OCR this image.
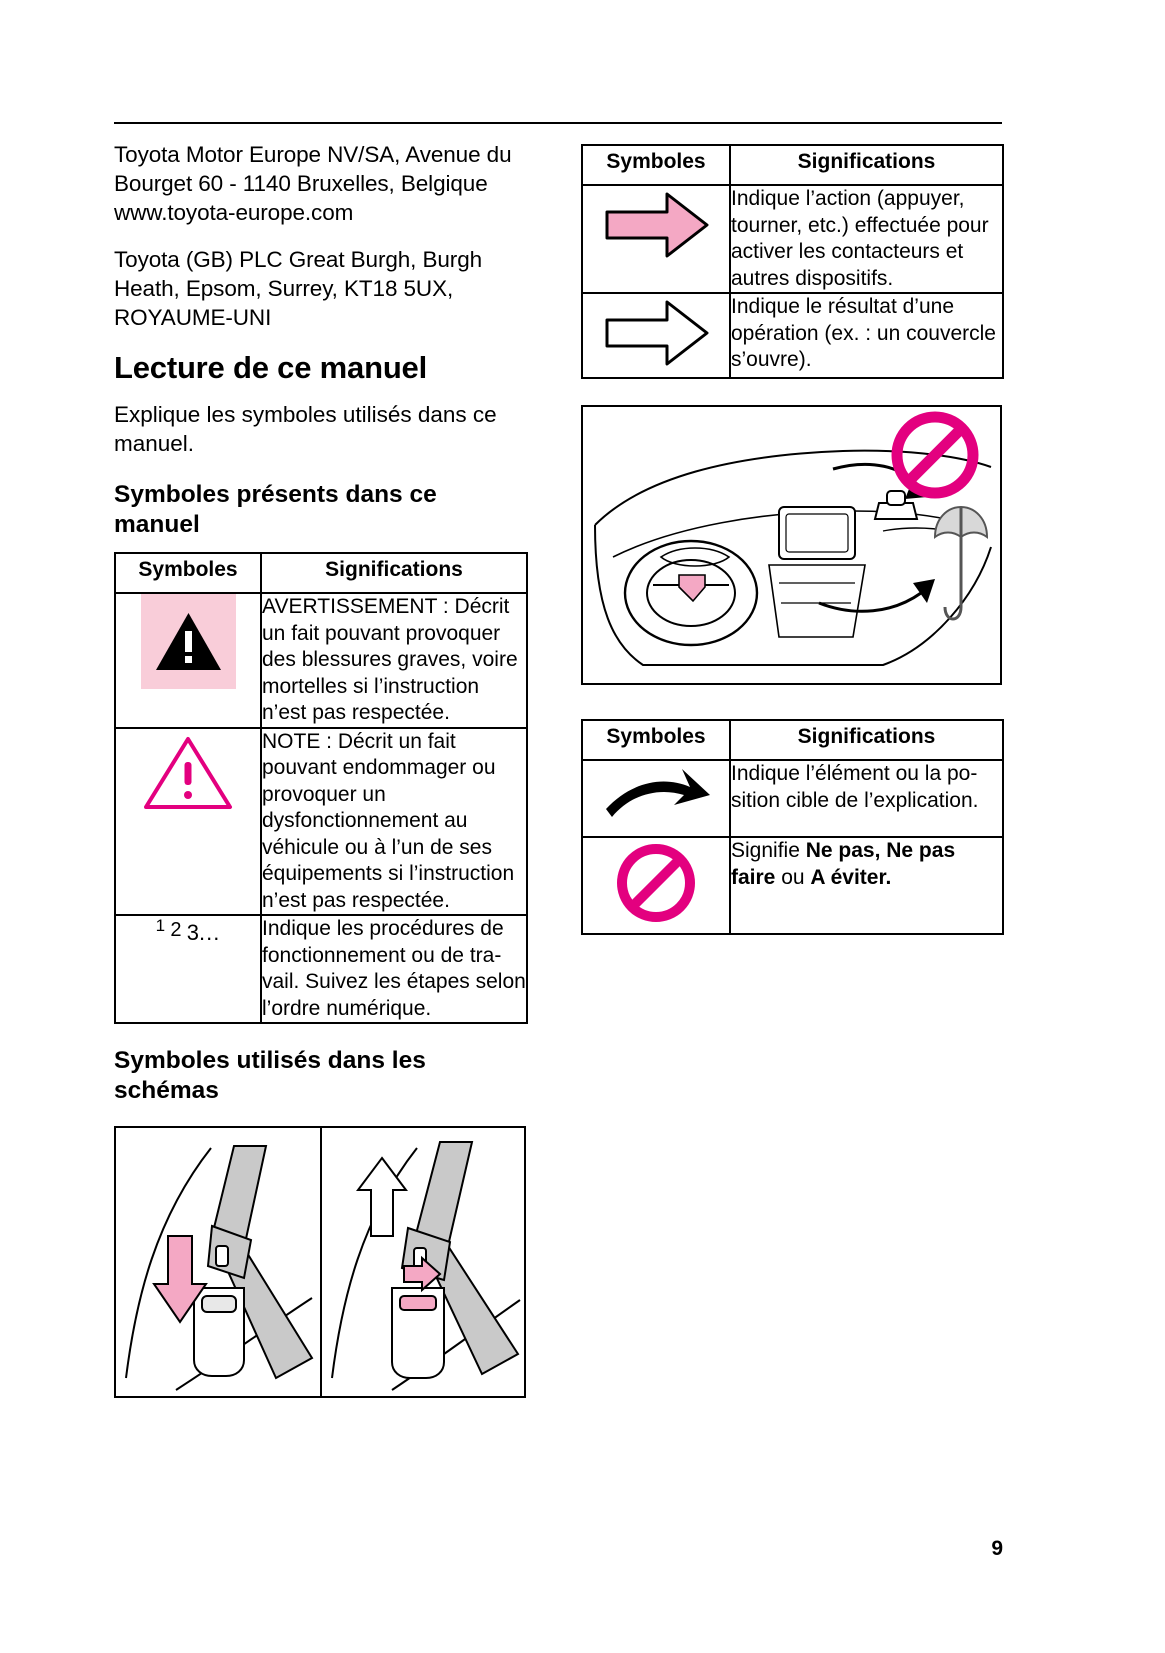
Toyota Motor Europe NV/SA, Avenue du Bourget 60 - 1140 Bruxelles, Belgique www.toyota-europe.com

Toyota (GB) PLC Great Burgh, Burgh Heath, Epsom, Surrey, KT18 5UX, ROYAUME-UNI

Lecture de ce manuel

Explique les symboles utilisés dans ce manuel.

Symboles présents dans ce manuel
Symboles	Significations
	AVERTISSEMENT : Décrit un fait pouvant provoquer des blessures graves, voire mortelles si l’instruction n’est pas respectée.
	NOTE : Décrit un fait pouvant endommager ou provoquer un dysfonctionnement au véhicule ou à l’un de ses équipements si l’instruction n’est pas respectée.
1 2 3...	Indique les procédures de fonctionnement ou de travail. Suivez les étapes selon l’ordre numérique.
Symboles utilisés dans les schémas
Symboles	Significations
	Indique l’action (appuyer, tourner, etc.) effectuée pour activer les contacteurs et autres dispositifs.
	Indique le résultat d’une opération (ex. : un couvercle s’ouvre).
Symboles	Significations
	Indique l’élément ou la position cible de l’explication.
	Signifie Ne pas, Ne pas faire ou A éviter.
9
